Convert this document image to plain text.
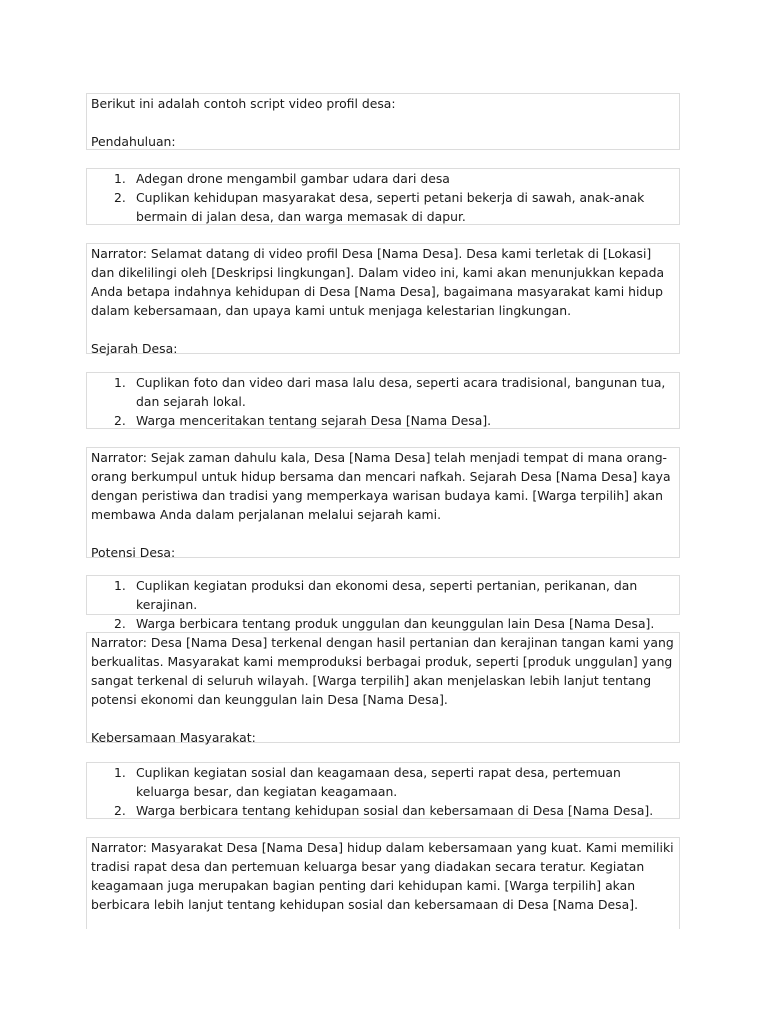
Berikut ini adalah contoh script video profil desa:

Pendahuluan:

1. Adegan drone mengambil gambar udara dari desa
2. Cuplikan kehidupan masyarakat desa, seperti petani bekerja di sawah, anak-anak bermain di jalan desa, dan warga memasak di dapur.

Narrator: Selamat datang di video profil Desa [Nama Desa]. Desa kami terletak di [Lokasi] dan dikelilingi oleh [Deskripsi lingkungan]. Dalam video ini, kami akan menunjukkan kepada Anda betapa indahnya kehidupan di Desa [Nama Desa], bagaimana masyarakat kami hidup dalam kebersamaan, dan upaya kami untuk menjaga kelestarian lingkungan.

Sejarah Desa:

1. Cuplikan foto dan video dari masa lalu desa, seperti acara tradisional, bangunan tua, dan sejarah lokal.
2. Warga menceritakan tentang sejarah Desa [Nama Desa].

Narrator: Sejak zaman dahulu kala, Desa [Nama Desa] telah menjadi tempat di mana orang-orang berkumpul untuk hidup bersama dan mencari nafkah. Sejarah Desa [Nama Desa] kaya dengan peristiwa dan tradisi yang memperkaya warisan budaya kami. [Warga terpilih] akan membawa Anda dalam perjalanan melalui sejarah kami.

Potensi Desa:

1. Cuplikan kegiatan produksi dan ekonomi desa, seperti pertanian, perikanan, dan kerajinan.
2. Warga berbicara tentang produk unggulan dan keunggulan lain Desa [Nama Desa].

Narrator: Desa [Nama Desa] terkenal dengan hasil pertanian dan kerajinan tangan kami yang berkualitas. Masyarakat kami memproduksi berbagai produk, seperti [produk unggulan] yang sangat terkenal di seluruh wilayah. [Warga terpilih] akan menjelaskan lebih lanjut tentang potensi ekonomi dan keunggulan lain Desa [Nama Desa].

Kebersamaan Masyarakat:

1. Cuplikan kegiatan sosial dan keagamaan desa, seperti rapat desa, pertemuan keluarga besar, dan kegiatan keagamaan.
2. Warga berbicara tentang kehidupan sosial dan kebersamaan di Desa [Nama Desa].

Narrator: Masyarakat Desa [Nama Desa] hidup dalam kebersamaan yang kuat. Kami memiliki tradisi rapat desa dan pertemuan keluarga besar yang diadakan secara teratur. Kegiatan keagamaan juga merupakan bagian penting dari kehidupan kami. [Warga terpilih] akan berbicara lebih lanjut tentang kehidupan sosial dan kebersamaan di Desa [Nama Desa].
